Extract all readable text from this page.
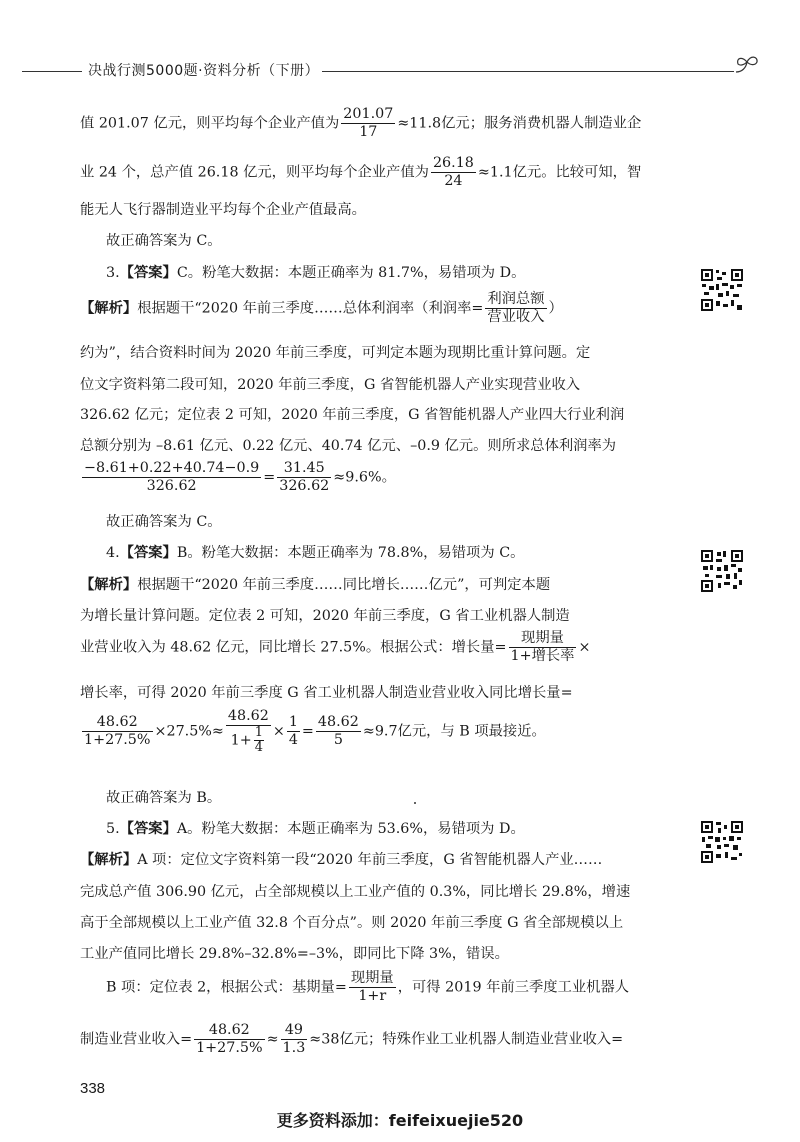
决战行测5000题·资料分析（下册）
值 201.07 亿元，则平均每个企业产值为 $\frac{201.07}{17} \approx 11.8$亿元；服务消费机器人制造业企
业 24 个，总产值 26.18 亿元，则平均每个企业产值为 $\frac{26.18}{24} \approx 1.1$亿元。比较可知，智
能无人飞行器制造业平均每个企业产值最高。
故正确答案为 C。
3.【答案】C。粉笔大数据：本题正确率为 81.7%，易错项为 D。
【解析】根据题干“2020 年前三季度……总体利润率（利润率= $\frac{\text{利润总额}}{\text{营业收入}}$ ）
约为”，结合资料时间为 2020 年前三季度，可判定本题为现期比重计算问题。定
位文字资料第二段可知，2020 年前三季度，G 省智能机器人产业实现营业收入
326.62 亿元；定位表 2 可知，2020 年前三季度，G 省智能机器人产业四大行业利润
总额分别为 –8.61 亿元、0.22 亿元、40.74 亿元、–0.9 亿元。则所求总体利润率为
$\frac{-8.61+0.22+40.74-0.9}{326.62} = \frac{31.45}{326.62} \approx 9.6\%$。
故正确答案为 C。
4.【答案】B。粉笔大数据：本题正确率为 78.8%，易错项为 C。
【解析】根据题干“2020 年前三季度……同比增长……亿元”，可判定本题
为增长量计算问题。定位表 2 可知，2020 年前三季度，G 省工业机器人制造
业营业收入为 48.62 亿元，同比增长 27.5%。根据公式：增长量= $\frac{\text{现期量}}{\text{1+增长率}}$ ×
增长率，可得 2020 年前三季度 G 省工业机器人制造业营业收入同比增长量=
$\frac{48.62}{1+27.5\%} \times 27.5\%\approx \frac{48.62}{1+ \frac{1}{4}} \times \frac{1}{4} = \frac{48.62}{5} \approx 9.7$亿元，与 B 项最接近。
故正确答案为 B。
5.【答案】A。粉笔大数据：本题正确率为 53.6%，易错项为 D。
【解析】A 项：定位文字资料第一段“2020 年前三季度，G 省智能机器人产业……
完成总产值 306.90 亿元，占全部规模以上工业产值的 0.3%，同比增长 29.8%，增速
高于全部规模以上工业产值 32.8 个百分点”。则 2020 年前三季度 G 省全部规模以上
工业产值同比增长 29.8%–32.8%=–3%，即同比下降 3%，错误。
B 项：定位表 2，根据公式：基期量= $\frac{\text{现期量}}{1+r}$ ，可得 2019 年前三季度工业机器人
制造业营业收入= $\frac{48.62}{1+27.5\%} \approx \frac{49}{1.3} \approx 38$亿元；特殊作业工业机器人制造业营业收入=
338
更多资料添加：feifeixuejie520
